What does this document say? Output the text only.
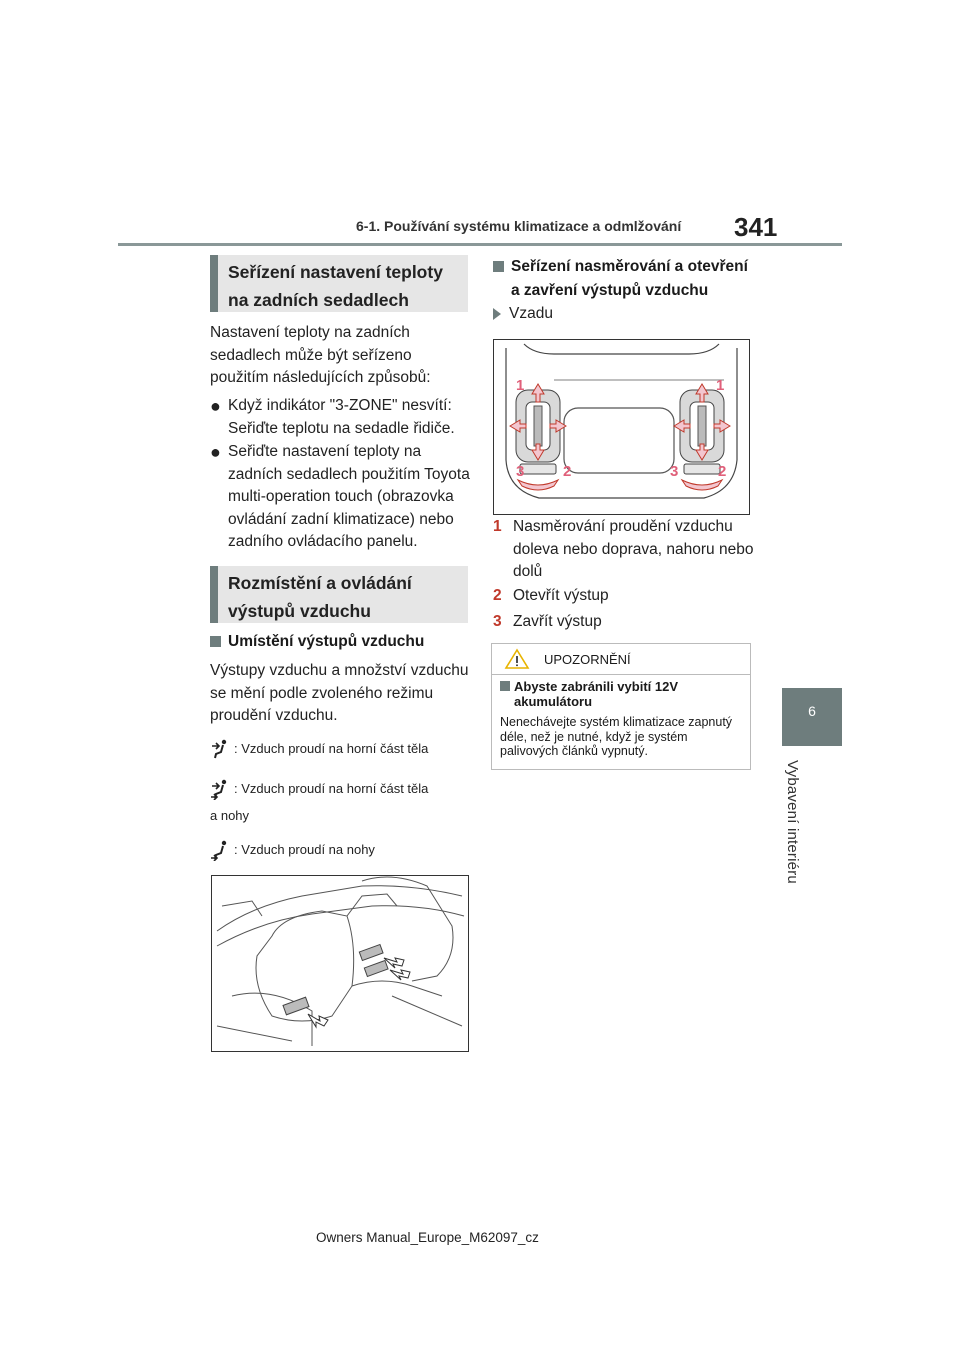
6-1. Používání systému klimatizace a odmlžování 341
6
Vybavení interiéru
Seřízení nastavení teploty na zadních sedadlech
Nastavení teploty na zadních sedadlech může být seřízeno použitím následujících způsobů:
● Když indikátor "3-ZONE" nesvítí: Seřiďte teplotu na sedadle řidiče.
● Seřiďte nastavení teploty na zadních sedadlech použitím Toyota multi-operation touch (obrazovka ovládání zadní klimatizace) nebo zadního ovládacího panelu.
Rozmístění a ovládání výstupů vzduchu
Umístění výstupů vzduchu
Výstupy vzduchu a množství vzduchu se mění podle zvoleného režimu proudění vzduchu.
: Vzduch proudí na horní část těla
: Vzduch proudí na horní část těla
a nohy
: Vzduch proudí na nohy
Seřízení nasměrování a otevření a zavření výstupů vzduchu
Vzadu
1	1
3	2	3	2
1 Nasměrování proudění vzduchu doleva nebo doprava, nahoru nebo dolů
2 Otevřít výstup
3 Zavřít výstup
UPOZORNĚNÍ
Abyste zabránili vybití 12V akumulátoru
Nenechávejte systém klimatizace zapnutý déle, než je nutné, když je systém palivových článků vypnutý.
Owners Manual_Europe_M62097_cz
